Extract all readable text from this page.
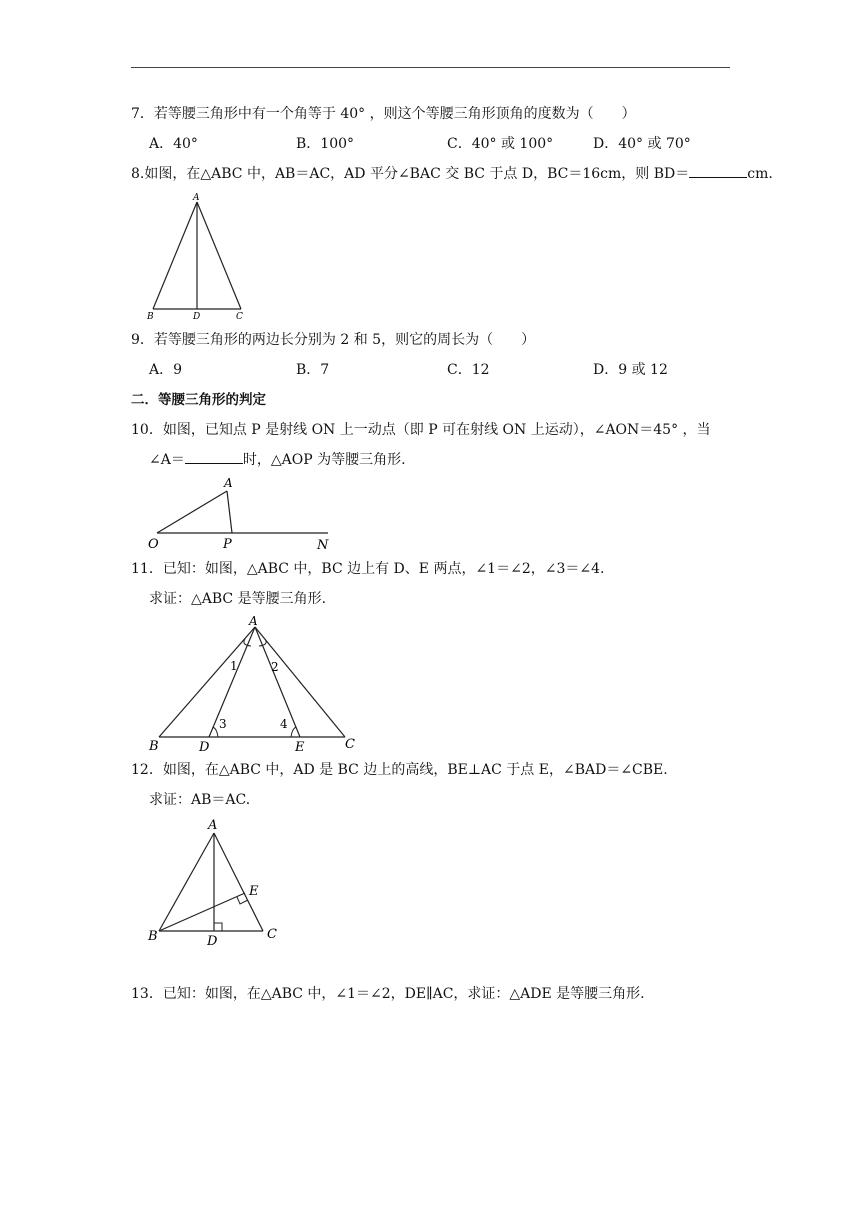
7．若等腰三角形中有一个角等于 40° ，则这个等腰三角形顶角的度数为（　　）
A．40°	B．100°	C．40° 或 100°	D．40° 或 70°
8.如图，在△ABC 中，AB＝AC，AD 平分∠BAC 交 BC 于点 D，BC＝16cm，则 BD＝	cm.
A
B	D	C
9．若等腰三角形的两边长分别为 2 和 5，则它的周长为（　　）
A．9	B．7	C．12	D．9 或 12
二．等腰三角形的判定
10．如图，已知点 P 是射线 ON 上一动点（即 P 可在射线 ON 上运动），∠AON＝45° ，当
∠A＝	时，△AOP 为等腰三角形.
A
O	P	N
11．已知：如图，△ABC 中，BC 边上有 D、E 两点，∠1＝∠2，∠3＝∠4.
求证：△ABC 是等腰三角形.
A
B	D	E	C
1	2
3	4
12．如图，在△ABC 中，AD 是 BC 边上的高线，BE⊥AC 于点 E，∠BAD＝∠CBE.
求证：AB＝AC.
A
E
B	D	C
13．已知：如图，在△ABC 中，∠1＝∠2，DE∥AC，求证：△ADE 是等腰三角形.
